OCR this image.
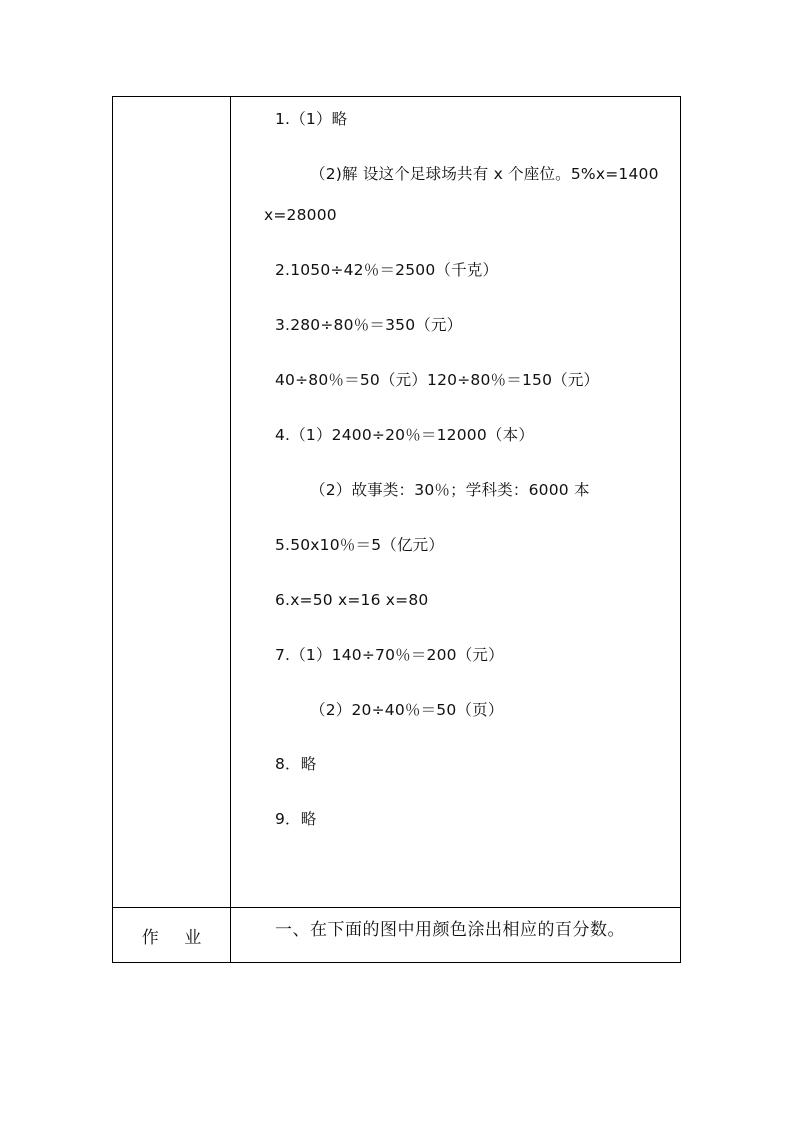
1.（1）略
（2)解 设这个足球场共有 x 个座位。5%x=1400
x=28000
2.1050÷42％＝2500（千克）
3.280÷80％＝350（元）
40÷80％＝50（元）120÷80％＝150（元）
4.（1）2400÷20％＝12000（本）
（2）故事类：30％；学科类：6000 本
5.50x10％＝5（亿元）
6.x=50 x=16 x=80
7.（1）140÷70％＝200（元）
（2）20÷40％＝50（页）
8．略
9．略
作 业	一、在下面的图中用颜色涂出相应的百分数。
